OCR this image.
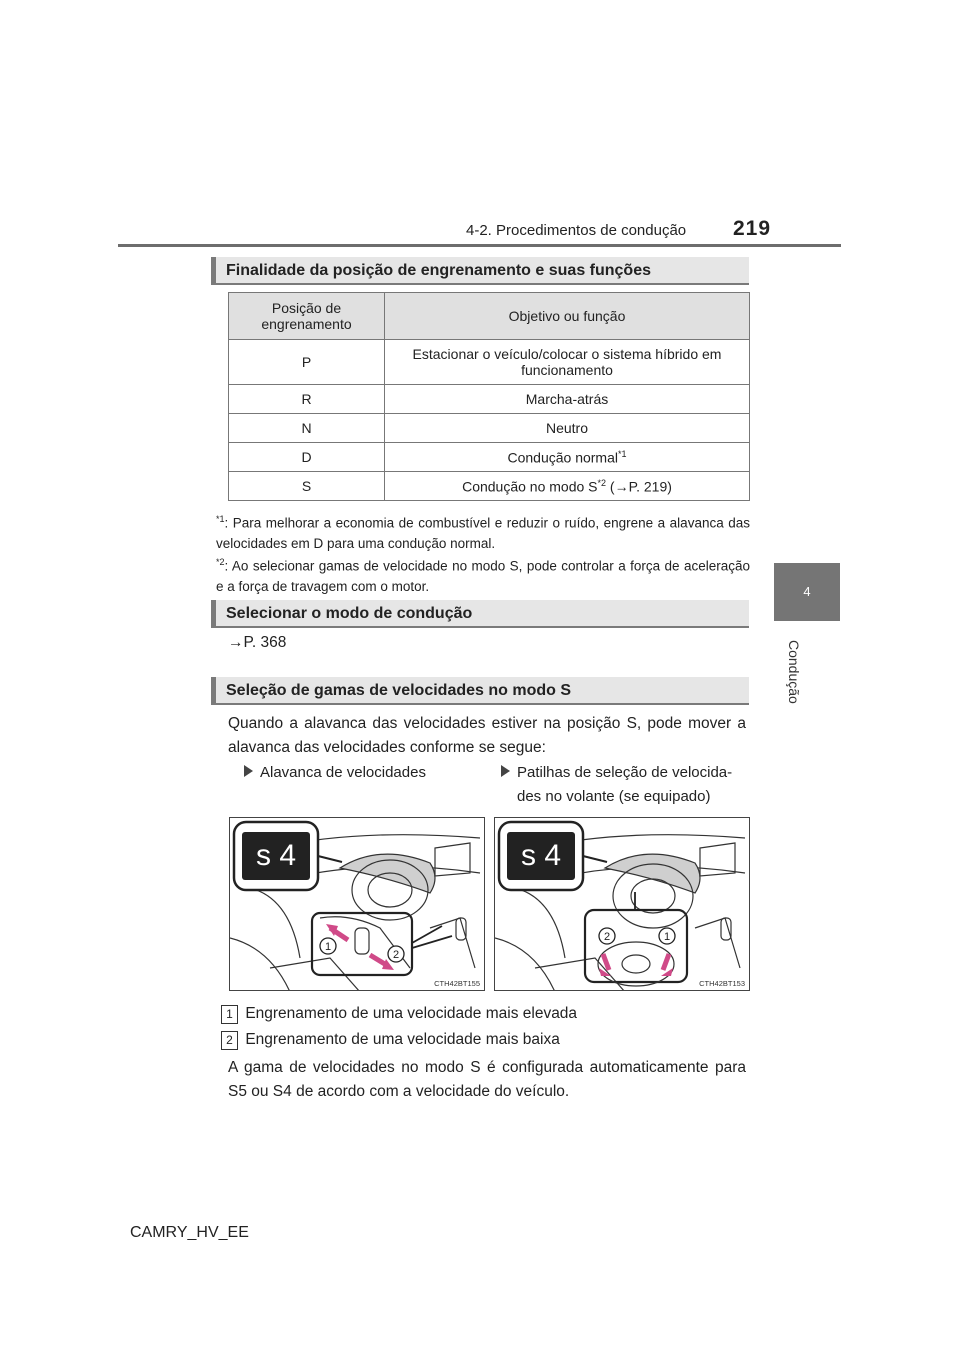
4-2. Procedimentos de condução 219
4
Condução
Finalidade da posição de engrenamento e suas funções
Posição de engrenamento	Objetivo ou função
P	Estacionar o veículo/colocar o sistema híbrido em funcionamento
R	Marcha-atrás
N	Neutro
D	Condução normal$^{*1}$
S	Condução no modo $S^{*2}$ (→P. 219)
$^{*1}$: Para melhorar a economia de combustível e reduzir o ruído, engrene a alavanca das velocidades em D para uma condução normal.
$^{*2}$: Ao selecionar gamas de velocidade no modo S, pode controlar a força de aceleração e a força de travagem com o motor.
Selecionar o modo de condução
→P. 368
Seleção de gamas de velocidades no modo S
Quando a alavanca das velocidades estiver na posição S, pode mover a alavanca das velocidades conforme se segue:
Alavanca de velocidades	Patilhas de seleção de velocida-
des no volante (se equipado)
1
2
s 4
CTH42BT155
2	1
s 4
CTH42BT153
1 Engrenamento de uma velocidade mais elevada
2 Engrenamento de uma velocidade mais baixa
A gama de velocidades no modo S é configurada automaticamente para S5 ou S4 de acordo com a velocidade do veículo.
CAMRY_HV_EE
